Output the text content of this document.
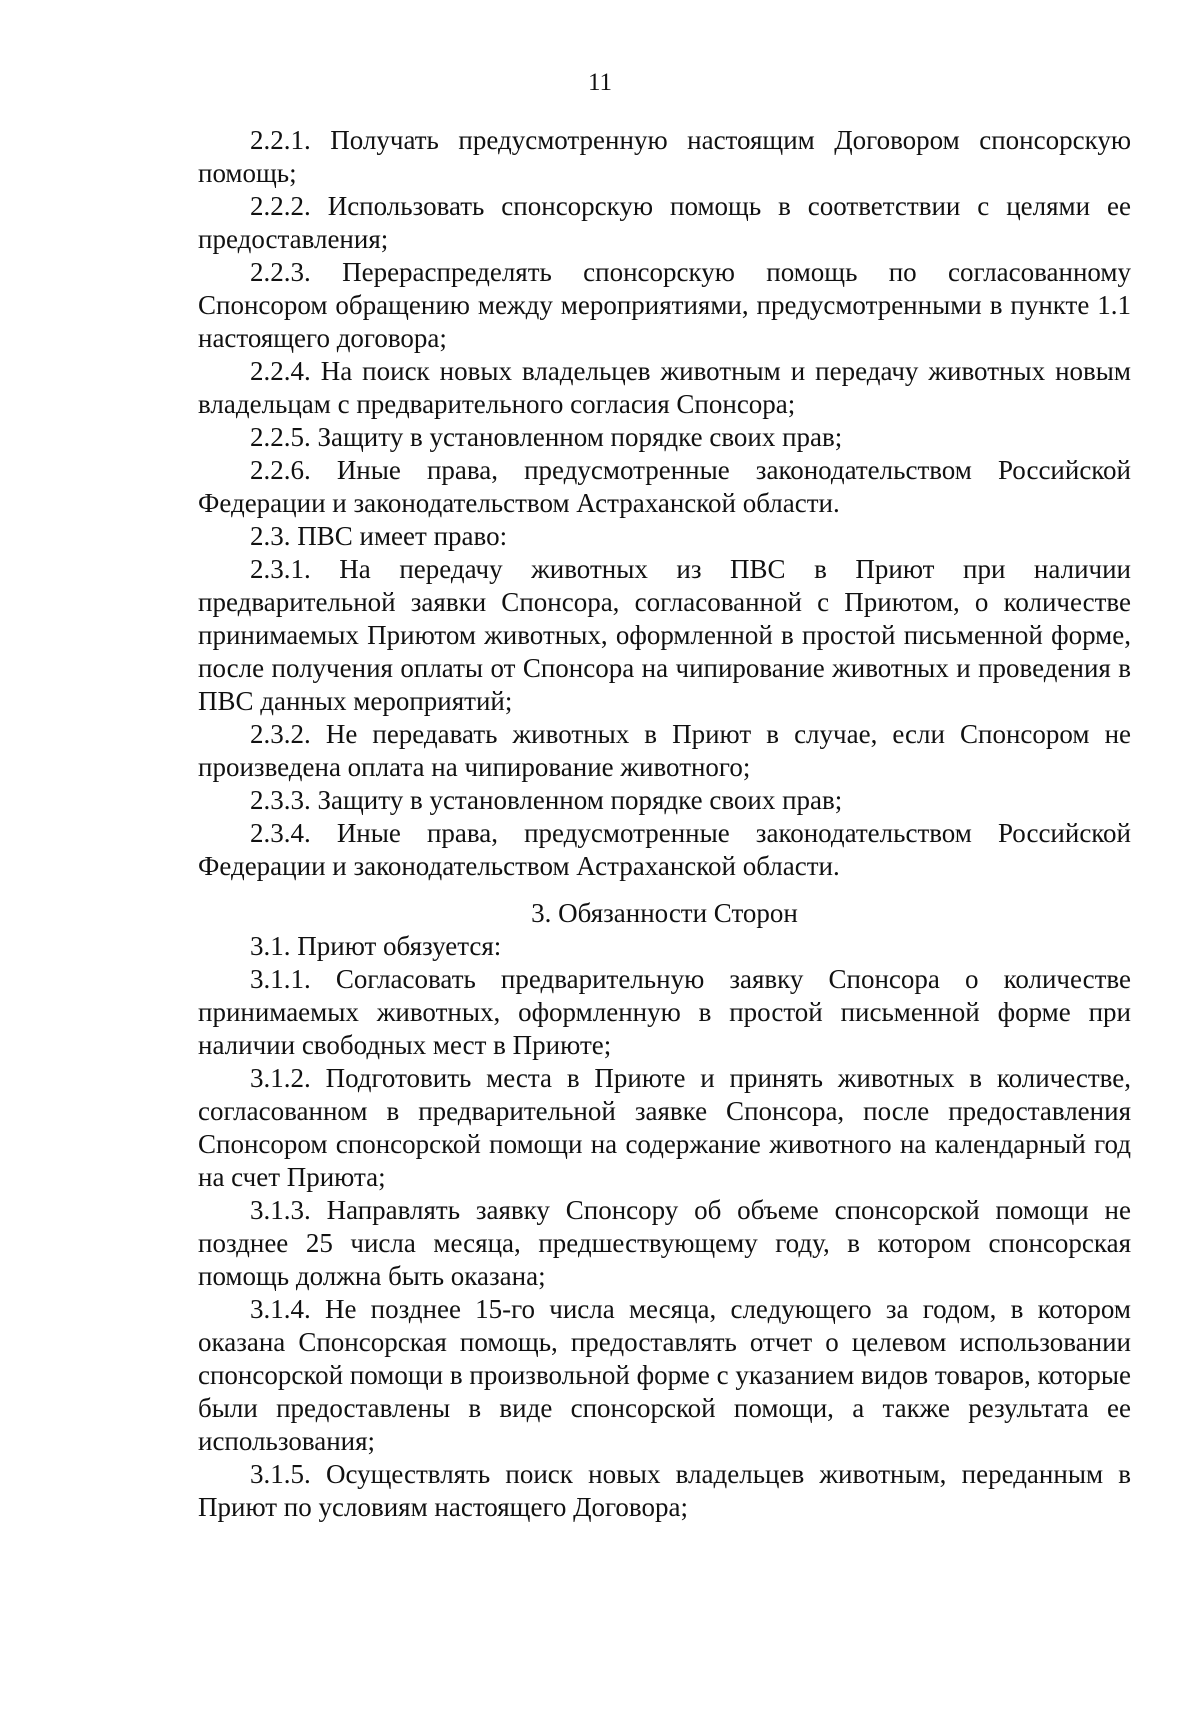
11

2.2.1. Получать предусмотренную настоящим Договором спонсорскую помощь;

2.2.2. Использовать спонсорскую помощь в соответствии с целями ее предоставления;

2.2.3. Перераспределять спонсорскую помощь по согласованному Спонсором обращению между мероприятиями, предусмотренными в пункте 1.1 настоящего договора;

2.2.4. На поиск новых владельцев животным и передачу животных новым владельцам с предварительного согласия Спонсора;

2.2.5. Защиту в установленном порядке своих прав;

2.2.6. Иные права, предусмотренные законодательством Российской Федерации и законодательством Астраханской области.

2.3. ПВС имеет право:

2.3.1. На передачу животных из ПВС в Приют при наличии предварительной заявки Спонсора, согласованной с Приютом, о количестве принимаемых Приютом животных, оформленной в простой письменной форме, после получения оплаты от Спонсора на чипирование животных и проведения в ПВС данных мероприятий;

2.3.2. Не передавать животных в Приют в случае, если Спонсором не произведена оплата на чипирование животного;

2.3.3. Защиту в установленном порядке своих прав;

2.3.4. Иные права, предусмотренные законодательством Российской Федерации и законодательством Астраханской области.

3. Обязанности Сторон

3.1. Приют обязуется:

3.1.1. Согласовать предварительную заявку Спонсора о количестве принимаемых животных, оформленную в простой письменной форме при наличии свободных мест в Приюте;

3.1.2. Подготовить места в Приюте и принять животных в количестве, согласованном в предварительной заявке Спонсора, после предоставления Спонсором спонсорской помощи на содержание животного на календарный год на счет Приюта;

3.1.3. Направлять заявку Спонсору об объеме спонсорской помощи не позднее 25 числа месяца, предшествующему году, в котором спонсорская помощь должна быть оказана;

3.1.4. Не позднее 15-го числа месяца, следующего за годом, в котором оказана Спонсорская помощь, предоставлять отчет о целевом использовании спонсорской помощи в произвольной форме с указанием видов товаров, которые были предоставлены в виде спонсорской помощи, а также результата ее использования;

3.1.5. Осуществлять поиск новых владельцев животным, переданным в Приют по условиям настоящего Договора;
